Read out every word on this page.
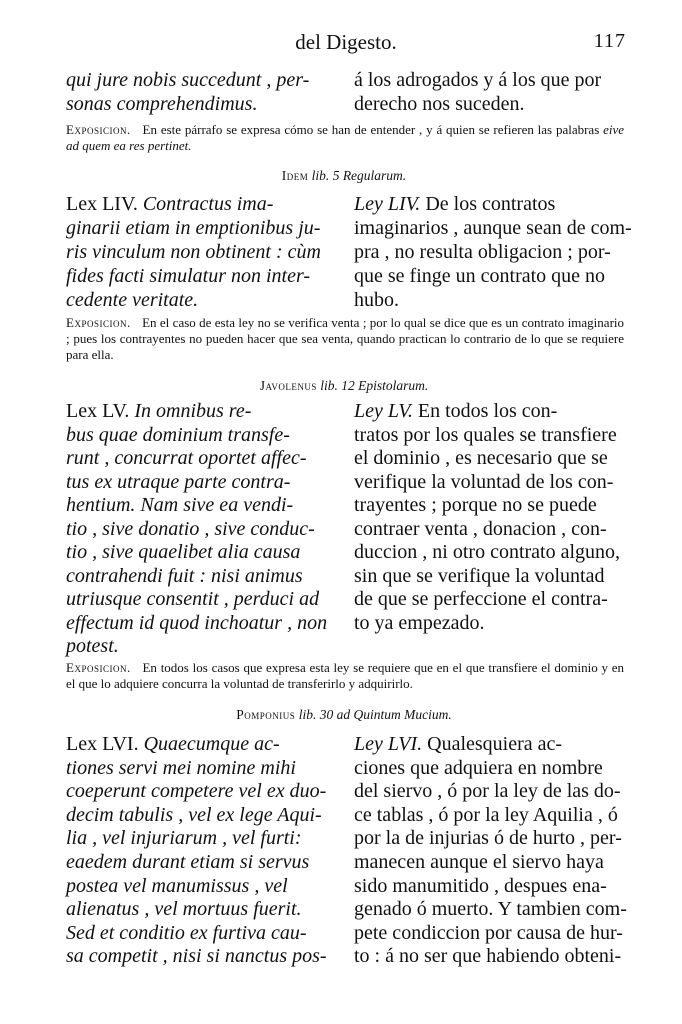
del Digesto.	117
qui jure nobis succedunt , per-
sonas comprehendimus.
á los adrogados y á los que por
derecho nos suceden.
Exposicion. En este párrafo se expresa cómo se han de entender , y á quien se refieren las palabras eive ad quem ea res pertinet.
Idem lib. 5 Regularum.
Lex LIV. Contractus ima-
ginarii etiam in emptionibus ju-
ris vinculum non obtinent : cùm
fides facti simulatur non inter-
cedente veritate.
Ley LIV. De los contratos
imaginarios , aunque sean de com-
pra , no resulta obligacion ; por-
que se finge un contrato que no
hubo.
Exposicion. En el caso de esta ley no se verifica venta ; por lo qual se dice que es un contrato imaginario ; pues los contrayentes no pueden hacer que sea venta, quando practican lo contrario de lo que se requiere para ella.
Javolenus lib. 12 Epistolarum.
Lex LV. In omnibus re-
bus quae dominium transfe-
runt , concurrat oportet affec-
tus ex utraque parte contra-
hentium. Nam sive ea vendi-
tio , sive donatio , sive conduc-
tio , sive quaelibet alia causa
contrahendi fuit : nisi animus
utriusque consentit , perduci ad
effectum id quod inchoatur , non
potest.
Ley LV. En todos los con-
tratos por los quales se transfiere
el dominio , es necesario que se
verifique la voluntad de los con-
trayentes ; porque no se puede
contraer venta , donacion , con-
duccion , ni otro contrato alguno,
sin que se verifique la voluntad
de que se perfeccione el contra-
to ya empezado.
Exposicion. En todos los casos que expresa esta ley se requiere que en el que transfiere el dominio y en el que lo adquiere concurra la voluntad de transferirlo y adquirirlo.
Pomponius lib. 30 ad Quintum Mucium.
Lex LVI. Quaecumque ac-
tiones servi mei nomine mihi
coeperunt competere vel ex duo-
decim tabulis , vel ex lege Aqui-
lia , vel injuriarum , vel furti:
eaedem durant etiam si servus
postea vel manumissus , vel
alienatus , vel mortuus fuerit.
Sed et conditio ex furtiva cau-
sa competit , nisi si nanctus pos-
Ley LVI. Qualesquiera ac-
ciones que adquiera en nombre
del siervo , ó por la ley de las do-
ce tablas , ó por la ley Aquilia , ó
por la de injurias ó de hurto , per-
manecen aunque el siervo haya
sido manumitido , despues ena-
genado ó muerto. Y tambien com-
pete condiccion por causa de hur-
to : á no ser que habiendo obteni-
